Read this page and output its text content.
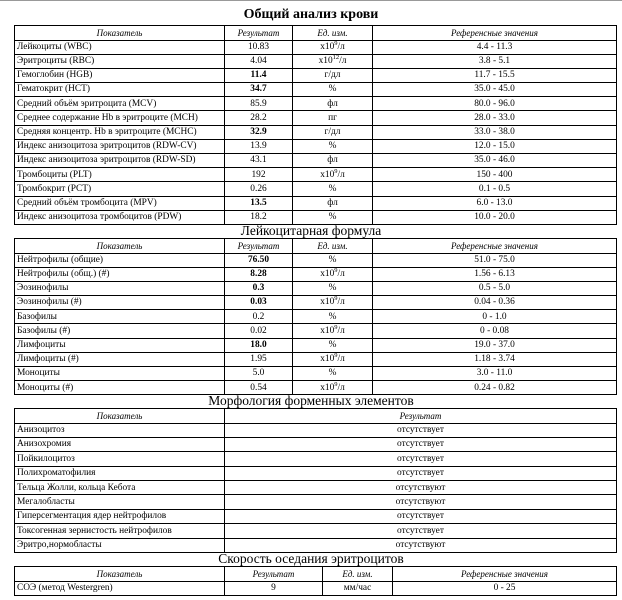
Общий анализ крови
Показатель	Результат	Ед. изм.	Референсные значения
Лейкоциты (WBC)	10.83	$x10^9/л$	4.4 - 11.3
Эритроциты (RBC)	4.04	$x10^{12}/л$	3.8 - 5.1
Гемоглобин (HGB)	11.4	г/дл	11.7 - 15.5
Гематокрит (HCT)	34.7	%	35.0 - 45.0
Средний объём эритроцита (MCV)	85.9	фл	80.0 - 96.0
Среднее содержание Hb в эритроците (MCH)	28.2	пг	28.0 - 33.0
Средняя концентр. Hb в эритроците (MCHC)	32.9	г/дл	33.0 - 38.0
Индекс анизоцитоза эритроцитов (RDW-CV)	13.9	%	12.0 - 15.0
Индекс анизоцитоза эритроцитов (RDW-SD)	43.1	фл	35.0 - 46.0
Тромбоциты (PLT)	192	$x10^9/л$	150 - 400
Тромбокрит (PCT)	0.26	%	0.1 - 0.5
Средний объём тромбоцита (MPV)	13.5	фл	6.0 - 13.0
Индекс анизоцитоза тромбоцитов (PDW)	18.2	%	10.0 - 20.0
Лейкоцитарная формула
Показатель	Результат	Ед. изм.	Референсные значения
Нейтрофилы (общие)	76.50	%	51.0 - 75.0
Нейтрофилы (общ.) (#)	8.28	$x10^9/л$	1.56 - 6.13
Эозинофилы	0.3	%	0.5 - 5.0
Эозинофилы (#)	0.03	$x10^9/л$	0.04 - 0.36
Базофилы	0.2	%	0 - 1.0
Базофилы (#)	0.02	$x10^9/л$	0 - 0.08
Лимфоциты	18.0	%	19.0 - 37.0
Лимфоциты (#)	1.95	$x10^9/л$	1.18 - 3.74
Моноциты	5.0	%	3.0 - 11.0
Моноциты (#)	0.54	$x10^9/л$	0.24 - 0.82
Морфология форменных элементов
Показатель	Результат
Анизоцитоз	отсутствует
Анизохромия	отсутствует
Пойкилоцитоз	отсутствует
Полихроматофилия	отсутствует
Тельца Жолли, кольца Кебота	отсутствуют
Мегалобласты	отсутствуют
Гиперсегментация ядер нейтрофилов	отсутствует
Токсогенная зернистость нейтрофилов	отсутствует
Эритро,нормобласты	отсутствуют
Скорость оседания эритроцитов
Показатель	Результат	Ед. изм.	Референсные значения
СОЭ (метод Westergren)	9	мм/час	0 - 25
